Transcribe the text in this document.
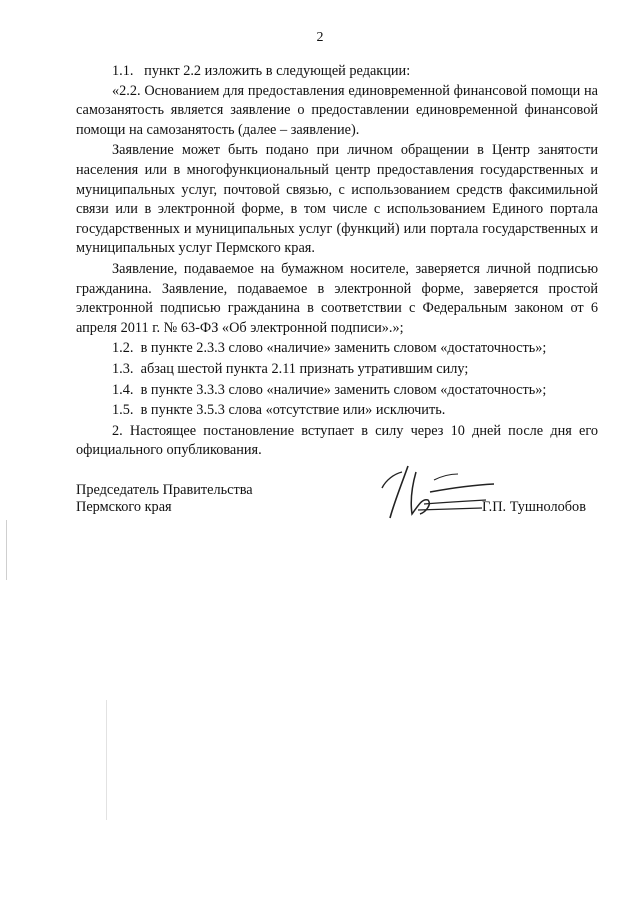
2

1.1.   пункт 2.2 изложить в следующей редакции:

«2.2. Основанием для предоставления единовременной финансовой помощи на самозанятость является заявление о предоставлении единовременной финансовой помощи на самозанятость (далее – заявление).

Заявление может быть подано при личном обращении в Центр занятости населения или в многофункциональный центр предоставления государственных и муниципальных услуг, почтовой связью, с использованием средств факсимильной связи или в электронной форме, в том числе с использованием Единого портала государственных и муниципальных услуг (функций) или портала государственных и муниципальных услуг Пермского края.

Заявление, подаваемое на бумажном носителе, заверяется личной подписью гражданина. Заявление, подаваемое в электронной форме, заверяется простой электронной подписью гражданина в соответствии с Федеральным законом от 6 апреля 2011 г. № 63-ФЗ «Об электронной подписи».»;

1.2.  в пункте 2.3.3 слово «наличие» заменить словом «достаточность»;

1.3.  абзац шестой пункта 2.11 признать утратившим силу;

1.4.  в пункте 3.3.3 слово «наличие» заменить словом «достаточность»;

1.5.  в пункте 3.5.3 слова «отсутствие или» исключить.

2. Настоящее постановление вступает в силу через 10 дней после дня его официального опубликования.

Председатель Правительства
Пермского края	Г.П. Тушнолобов
